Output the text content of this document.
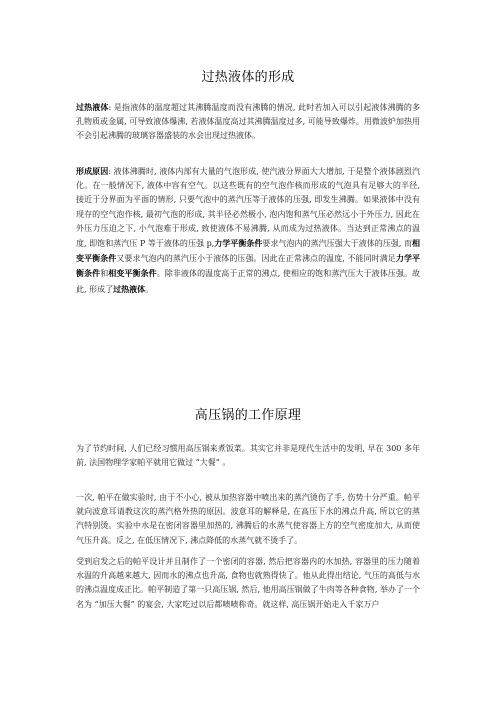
过热液体的形成

过热液体: 是指液体的温度超过其沸腾温度而没有沸腾的情况, 此时若加入可以引起液体沸腾的多孔物质或金属, 可导致液体爆沸, 若液体温度高过其沸腾温度过多, 可能导致爆炸。用微波炉加热用不会引起沸腾的玻璃容器盛装的水会出现过热液体。

形成原因: 液体沸腾时, 液体内部有大量的气泡形成, 使汽液分界面大大增加, 于是整个液体剧烈汽化。在一般情况下, 液体中容有空气。以这些既有的空气泡作核而形成的气泡具有足够大的半径, 接近于分界面为平面的情形, 只要气泡中的蒸汽压等于液体的压强, 即发生沸腾。如果液体中没有现存的空气泡作核, 最初气泡的形成, 其半径必然极小, 泡内饱和蒸气压必然远小于外压力, 因此在外压力压迫之下, 小气泡难于形成, 致使液体不易沸腾, 从而成为过热液体。当达到正常沸点的温度, 即饱和蒸汽压 P 等于液体的压强 p,力学平衡条件要求气泡内的蒸汽压强大于液体的压强, 而相变平衡条件又要求气泡内的蒸汽压小于液体的压强。因此在正常沸点的温度, 不能同时满足力学平衡条件和相变平衡条件。除非液体的温度高于正常的沸点, 使相应的饱和蒸汽压大于液体压强。故此, 形成了过热液体。

高压锅的工作原理

为了节约时间, 人们已经习惯用高压锅来煮饭菜。其实它并非是现代生活中的发明, 早在 300 多年前, 法国物理学家帕平就用它做过 “大餐” 。

一次, 帕平在做实验时, 由于不小心, 被从加热容器中喷出来的蒸汽烫伤了手, 伤势十分严重。帕平就向波意耳请教这次的蒸汽格外热的原因。波意耳的解释是, 在高压下水的沸点升高, 所以它的蒸汽特别烫。实验中水是在密闭容器里加热的, 沸腾后的水蒸气使容器上方的空气密度加大, 从而使气压升高。反之, 在低压情况下, 沸点降低的水蒸气就不烫手了。

受到启发之后的帕平设计并且制作了一个密闭的容器, 然后把容器内的水加热, 容器里的压力随着水温的升高越来越大, 因而水的沸点也升高, 食物也就熟得快了。他从此得出结论, 气压的高低与水的沸点温度成正比。帕平制造了第一只高压锅, 然后, 他用高压锅做了牛肉等各种食物, 举办了一个名为 “加压大餐” 的宴会, 大家吃过以后都啧啧称奇。就这样, 高压锅开始走入千家万户
